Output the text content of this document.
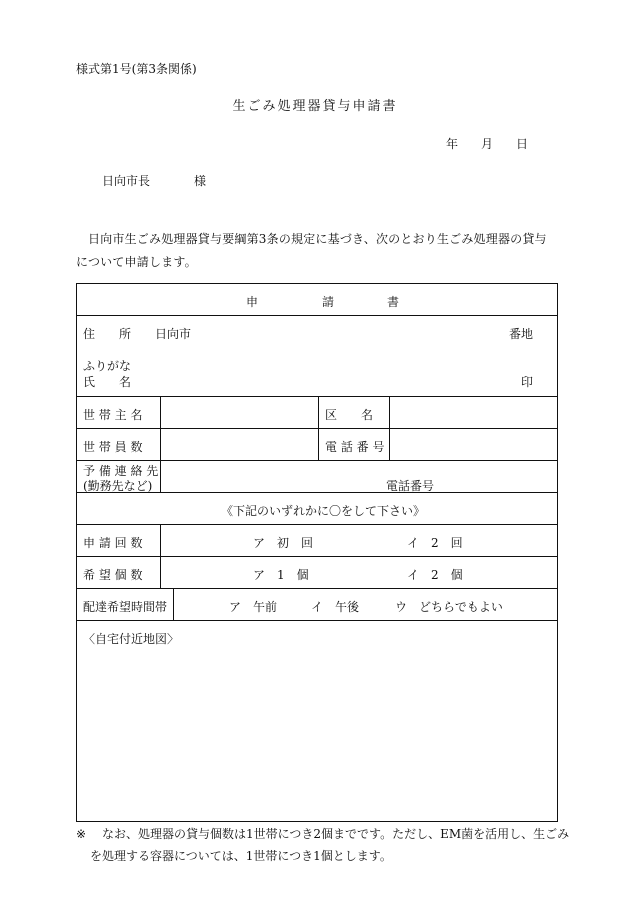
様式第1号(第3条関係)
生ごみ処理器貸与申請書
年 月 日
日向市長	様
日向市生ごみ処理器貸与要綱第3条の規定に基づき、次のとおり生ごみ処理器の貸与について申請します。
申	請	書
住　　所 日向市	番地
ふりがな
氏　　名	印
世 帯 主 名	区　　名
世 帯 員 数	電 話 番 号
予 備 連 絡 先
(勤務先など)	電話番号
《下記のいずれかに〇をして下さい》
申 請 回 数	ア　初　回	イ　2　回
希 望 個 数	ア　1　個	イ　2　個
配達希望時間帯	ア　午前	イ　午後	ウ　どちらでもよい
〈自宅付近地図〉
※ なお、処理器の貸与個数は1世帯につき2個までです。ただし、EM菌を活用し、生ごみ
を処理する容器については、1世帯につき1個とします。
